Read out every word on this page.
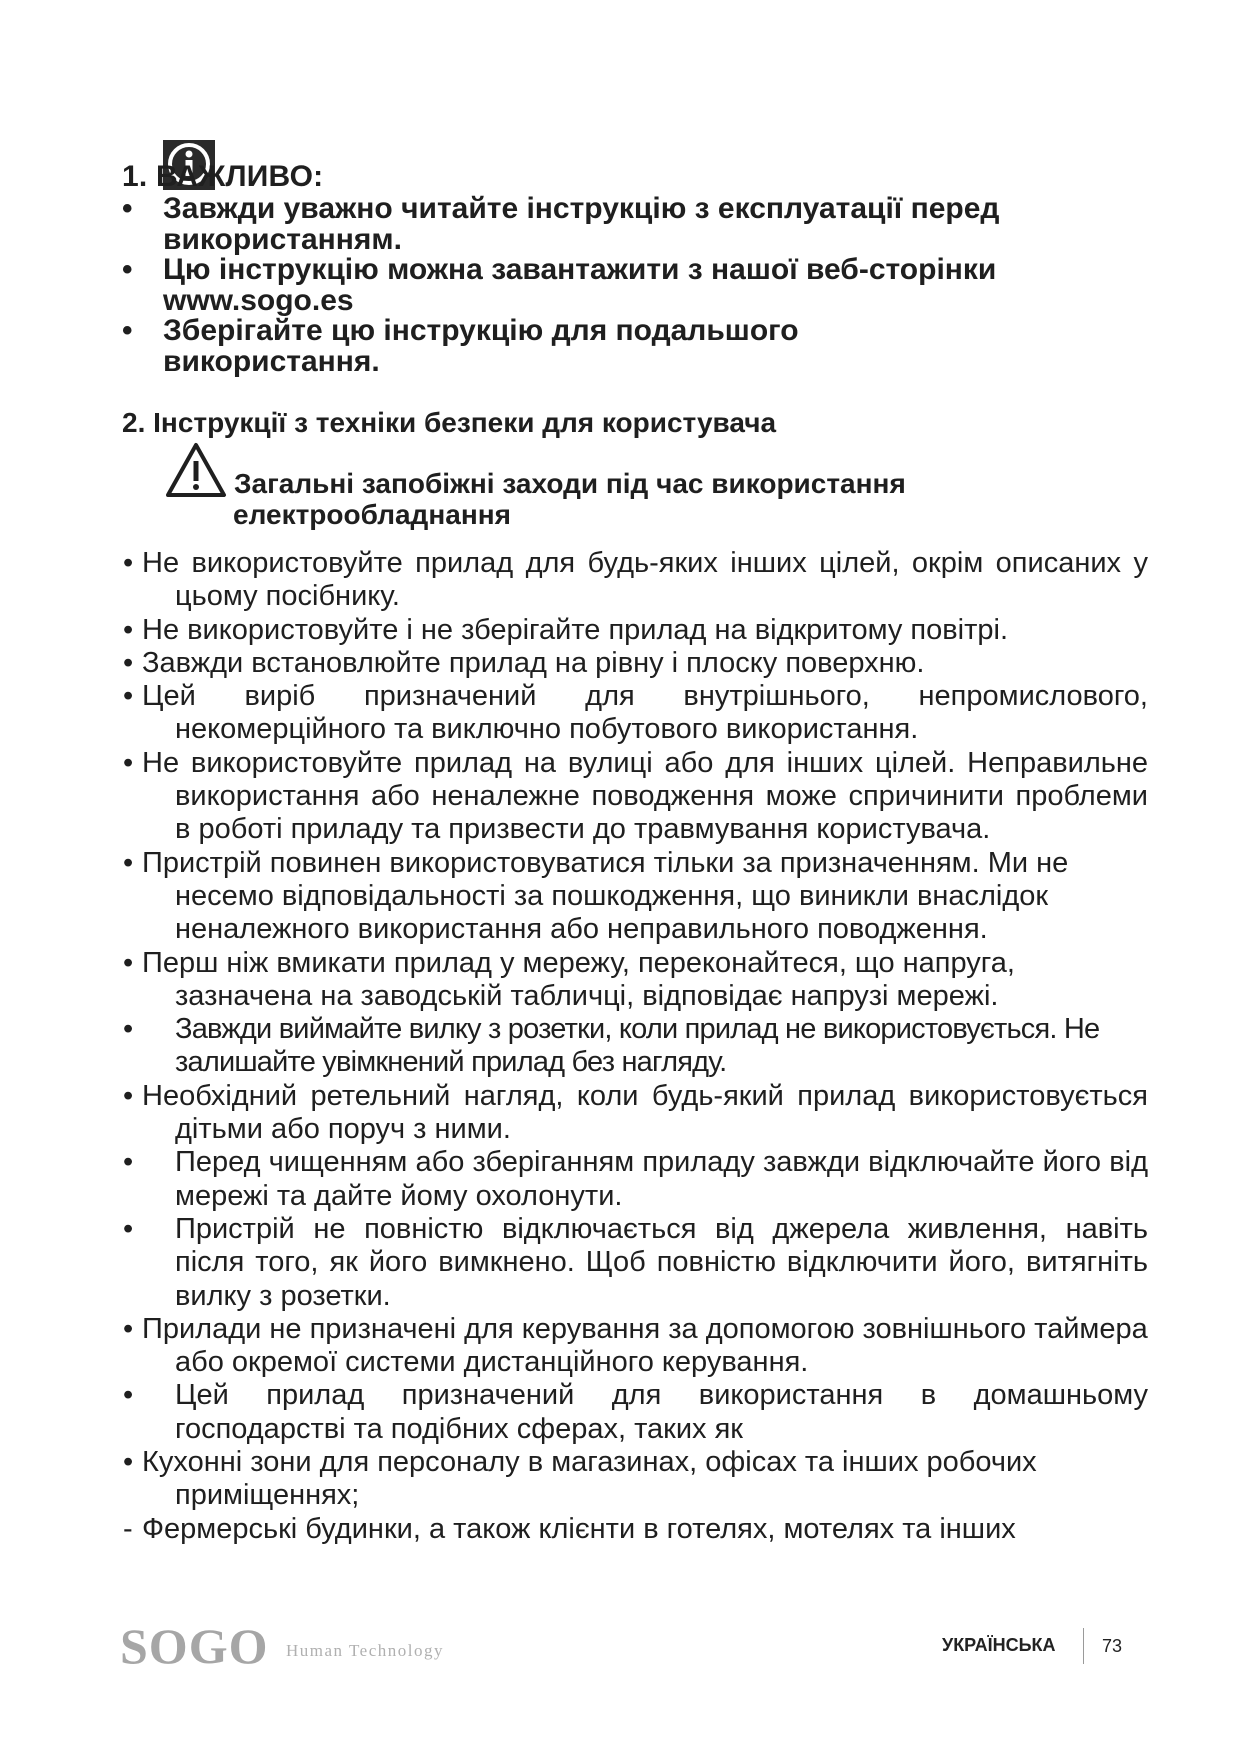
1. ВАЖЛИВО:
•	Завжди уважно читайте інструкцію з експлуатації перед
використанням.
•	Цю інструкцію можна завантажити з нашої веб-сторінки
www.sogo.es
•	Зберігайте цю інструкцію для подальшого
використання.
2. Інструкції з техніки безпеки для користувача
Загальні запобіжні заходи під час використання
електрообладнання
• Не використовуйте прилад для будь-яких інших цілей, окрім описаних у цьому посібнику.
• Не використовуйте і не зберігайте прилад на відкритому повітрі.
• Завжди встановлюйте прилад на рівну і плоску поверхню.
• Цей виріб призначений для внутрішнього, непромислового, некомерційного та виключно побутового використання.
• Не використовуйте прилад на вулиці або для інших цілей. Неправильне використання або неналежне поводження може спричинити проблеми в роботі приладу та призвести до травмування користувача.
• Пристрій повинен використовуватися тільки за призначенням. Ми не несемо відповідальності за пошкодження, що виникли внаслідок неналежного використання або неправильного поводження.
• Перш ніж вмикати прилад у мережу, переконайтеся, що напруга, зазначена на заводській табличці, відповідає напрузі мережі.
• Завжди виймайте вилку з розетки, коли прилад не використовується. Не залишайте увімкнений прилад без нагляду.
• Необхідний ретельний нагляд, коли будь-який прилад використовується дітьми або поруч з ними.
• Перед чищенням або зберіганням приладу завжди відключайте його від мережі та дайте йому охолонути.
• Пристрій не повністю відключається від джерела живлення, навіть після того, як його вимкнено. Щоб повністю відключити його, витягніть вилку з розетки.
• Прилади не призначені для керування за допомогою зовнішнього таймера або окремої системи дистанційного керування.
• Цей прилад призначений для використання в домашньому господарстві та подібних сферах, таких як
• Кухонні зони для персоналу в магазинах, офісах та інших робочих приміщеннях;
- Фермерські будинки, а також клієнти в готелях, мотелях та інших
SOGO Human Technology	УКРАЇНСЬКА	73
